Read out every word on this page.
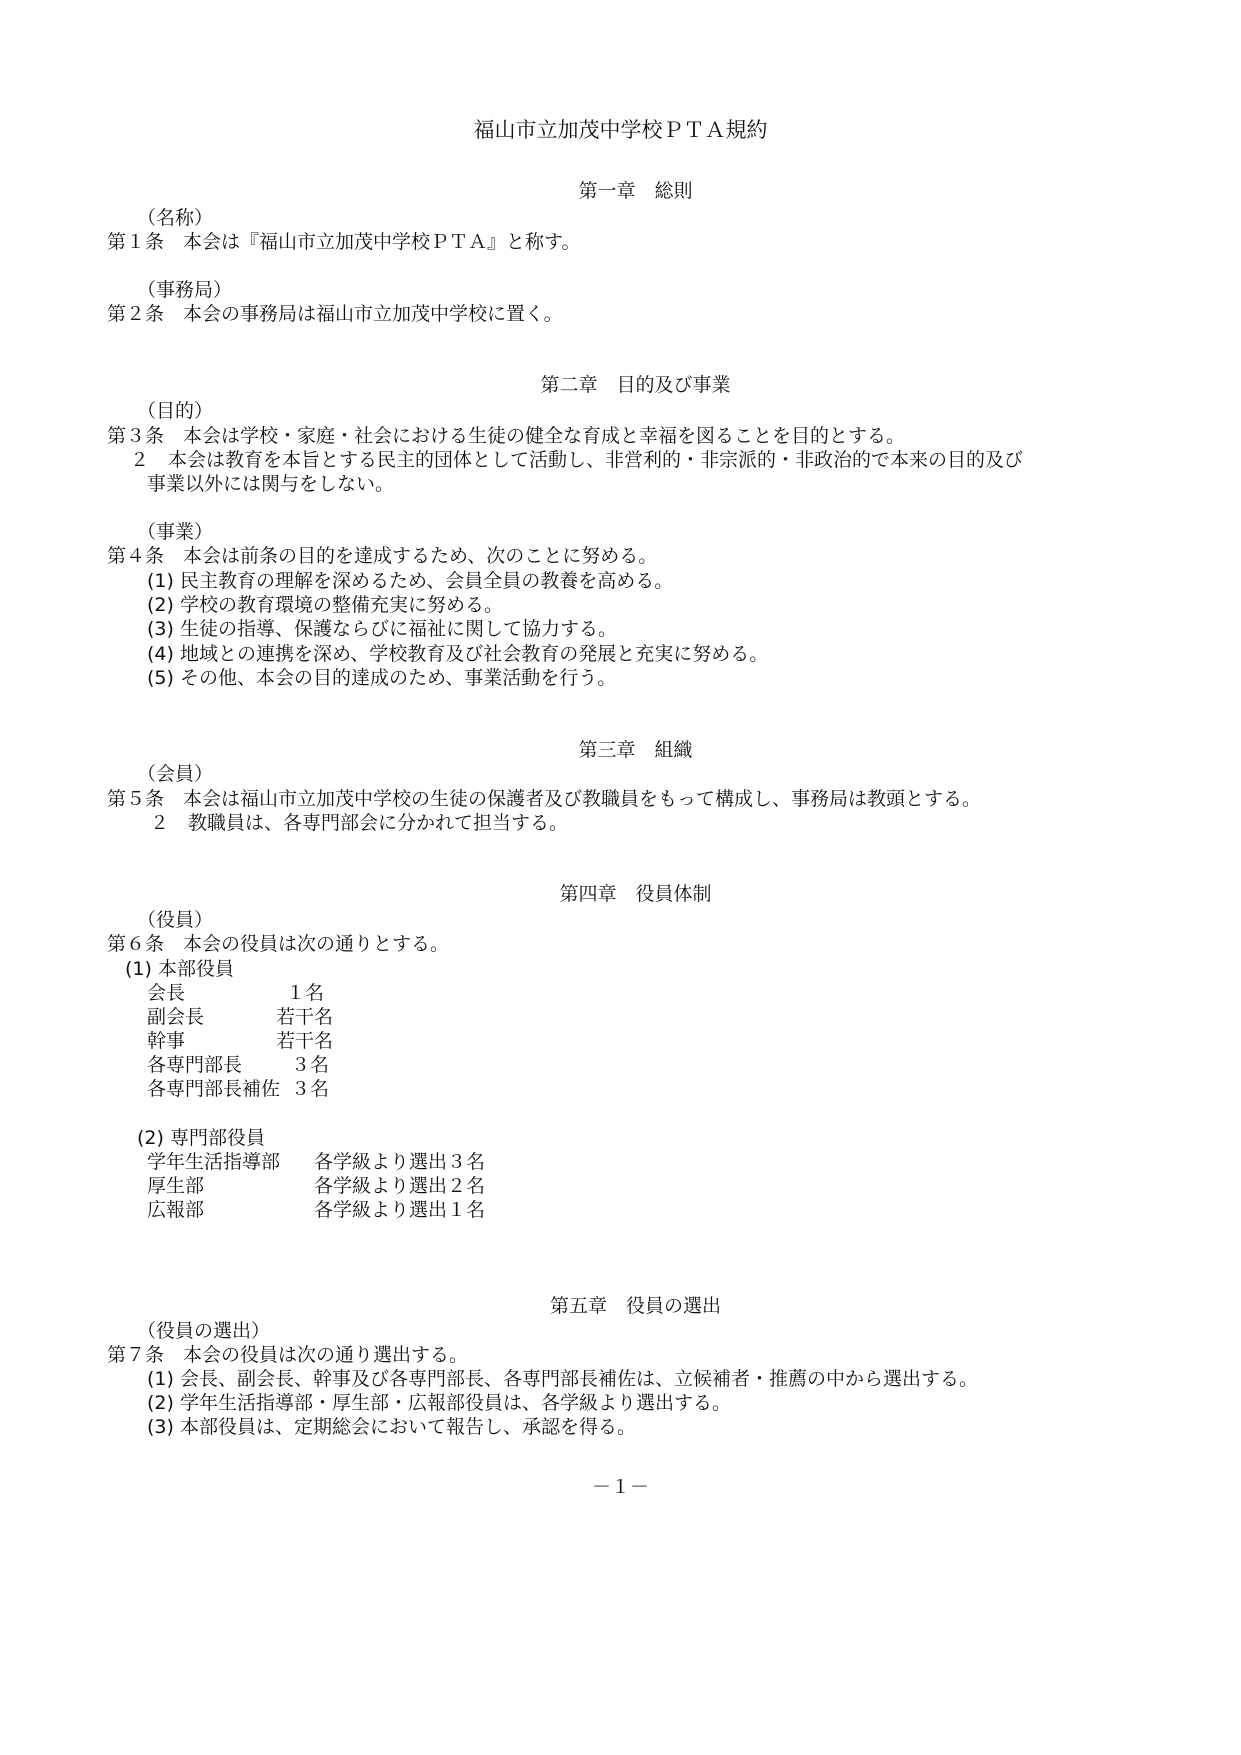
福山市立加茂中学校ＰＴＡ規約
第一章　総則
（名称）
第１条　本会は『福山市立加茂中学校ＰＴＡ』と称す。
（事務局）
第２条　本会の事務局は福山市立加茂中学校に置く。
第二章　目的及び事業
（目的）
第３条　本会は学校・家庭・社会における生徒の健全な育成と幸福を図ることを目的とする。
２　本会は教育を本旨とする民主的団体として活動し、非営利的・非宗派的・非政治的で本来の目的及び
事業以外には関与をしない。
（事業）
第４条　本会は前条の目的を達成するため、次のことに努める。
(1) 民主教育の理解を深めるため、会員全員の教養を高める。
(2) 学校の教育環境の整備充実に努める。
(3) 生徒の指導、保護ならびに福祉に関して協力する。
(4) 地域との連携を深め、学校教育及び社会教育の発展と充実に努める。
(5) その他、本会の目的達成のため、事業活動を行う。
第三章　組織
（会員）
第５条　本会は福山市立加茂中学校の生徒の保護者及び教職員をもって構成し、事務局は教頭とする。
２　教職員は、各専門部会に分かれて担当する。
第四章　役員体制
（役員）
第６条　本会の役員は次の通りとする。
(1) 本部役員
会長	１名
副会長	若干名
幹事	若干名
各専門部長	３名
各専門部長補佐 ３名
(2) 専門部役員
学年生活指導部 各学級より選出３名
厚生部	各学級より選出２名
広報部	各学級より選出１名
第五章　役員の選出
（役員の選出）
第７条　本会の役員は次の通り選出する。
(1) 会長、副会長、幹事及び各専門部長、各専門部長補佐は、立候補者・推薦の中から選出する。
(2) 学年生活指導部・厚生部・広報部役員は、各学級より選出する。
(3) 本部役員は、定期総会において報告し、承認を得る。
－１－
